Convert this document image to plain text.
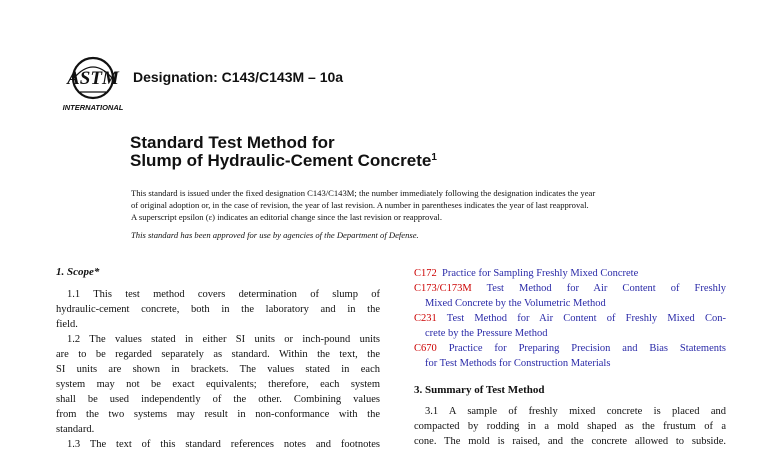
ASTM
INTERNATIONAL
Designation: C143/C143M – 10a
Standard Test Method for
Slump of Hydraulic-Cement Concrete$^1$
This standard is issued under the fixed designation C143/C143M; the number immediately following the designation indicates the year
of original adoption or, in the case of revision, the year of last revision. A number in parentheses indicates the year of last reapproval.
A superscript epsilon (ε) indicates an editorial change since the last revision or reapproval.
This standard has been approved for use by agencies of the Department of Defense.
1. Scope*
1.1 This test method covers determination of slump of
hydraulic-cement concrete, both in the laboratory and in the
field.
1.2 The values stated in either SI units or inch-pound units
are to be regarded separately as standard. Within the text, the
SI units are shown in brackets. The values stated in each
system may not be exact equivalents; therefore, each system
shall be used independently of the other. Combining values
from the two systems may result in non-conformance with the
standard.
1.3 The text of this standard references notes and footnotes
C172 Practice for Sampling Freshly Mixed Concrete
C173/C173M Test Method for Air Content of Freshly
Mixed Concrete by the Volumetric Method
C231 Test Method for Air Content of Freshly Mixed Con-
crete by the Pressure Method
C670 Practice for Preparing Precision and Bias Statements
for Test Methods for Construction Materials
3. Summary of Test Method
3.1 A sample of freshly mixed concrete is placed and
compacted by rodding in a mold shaped as the frustum of a
cone. The mold is raised, and the concrete allowed to subside.
